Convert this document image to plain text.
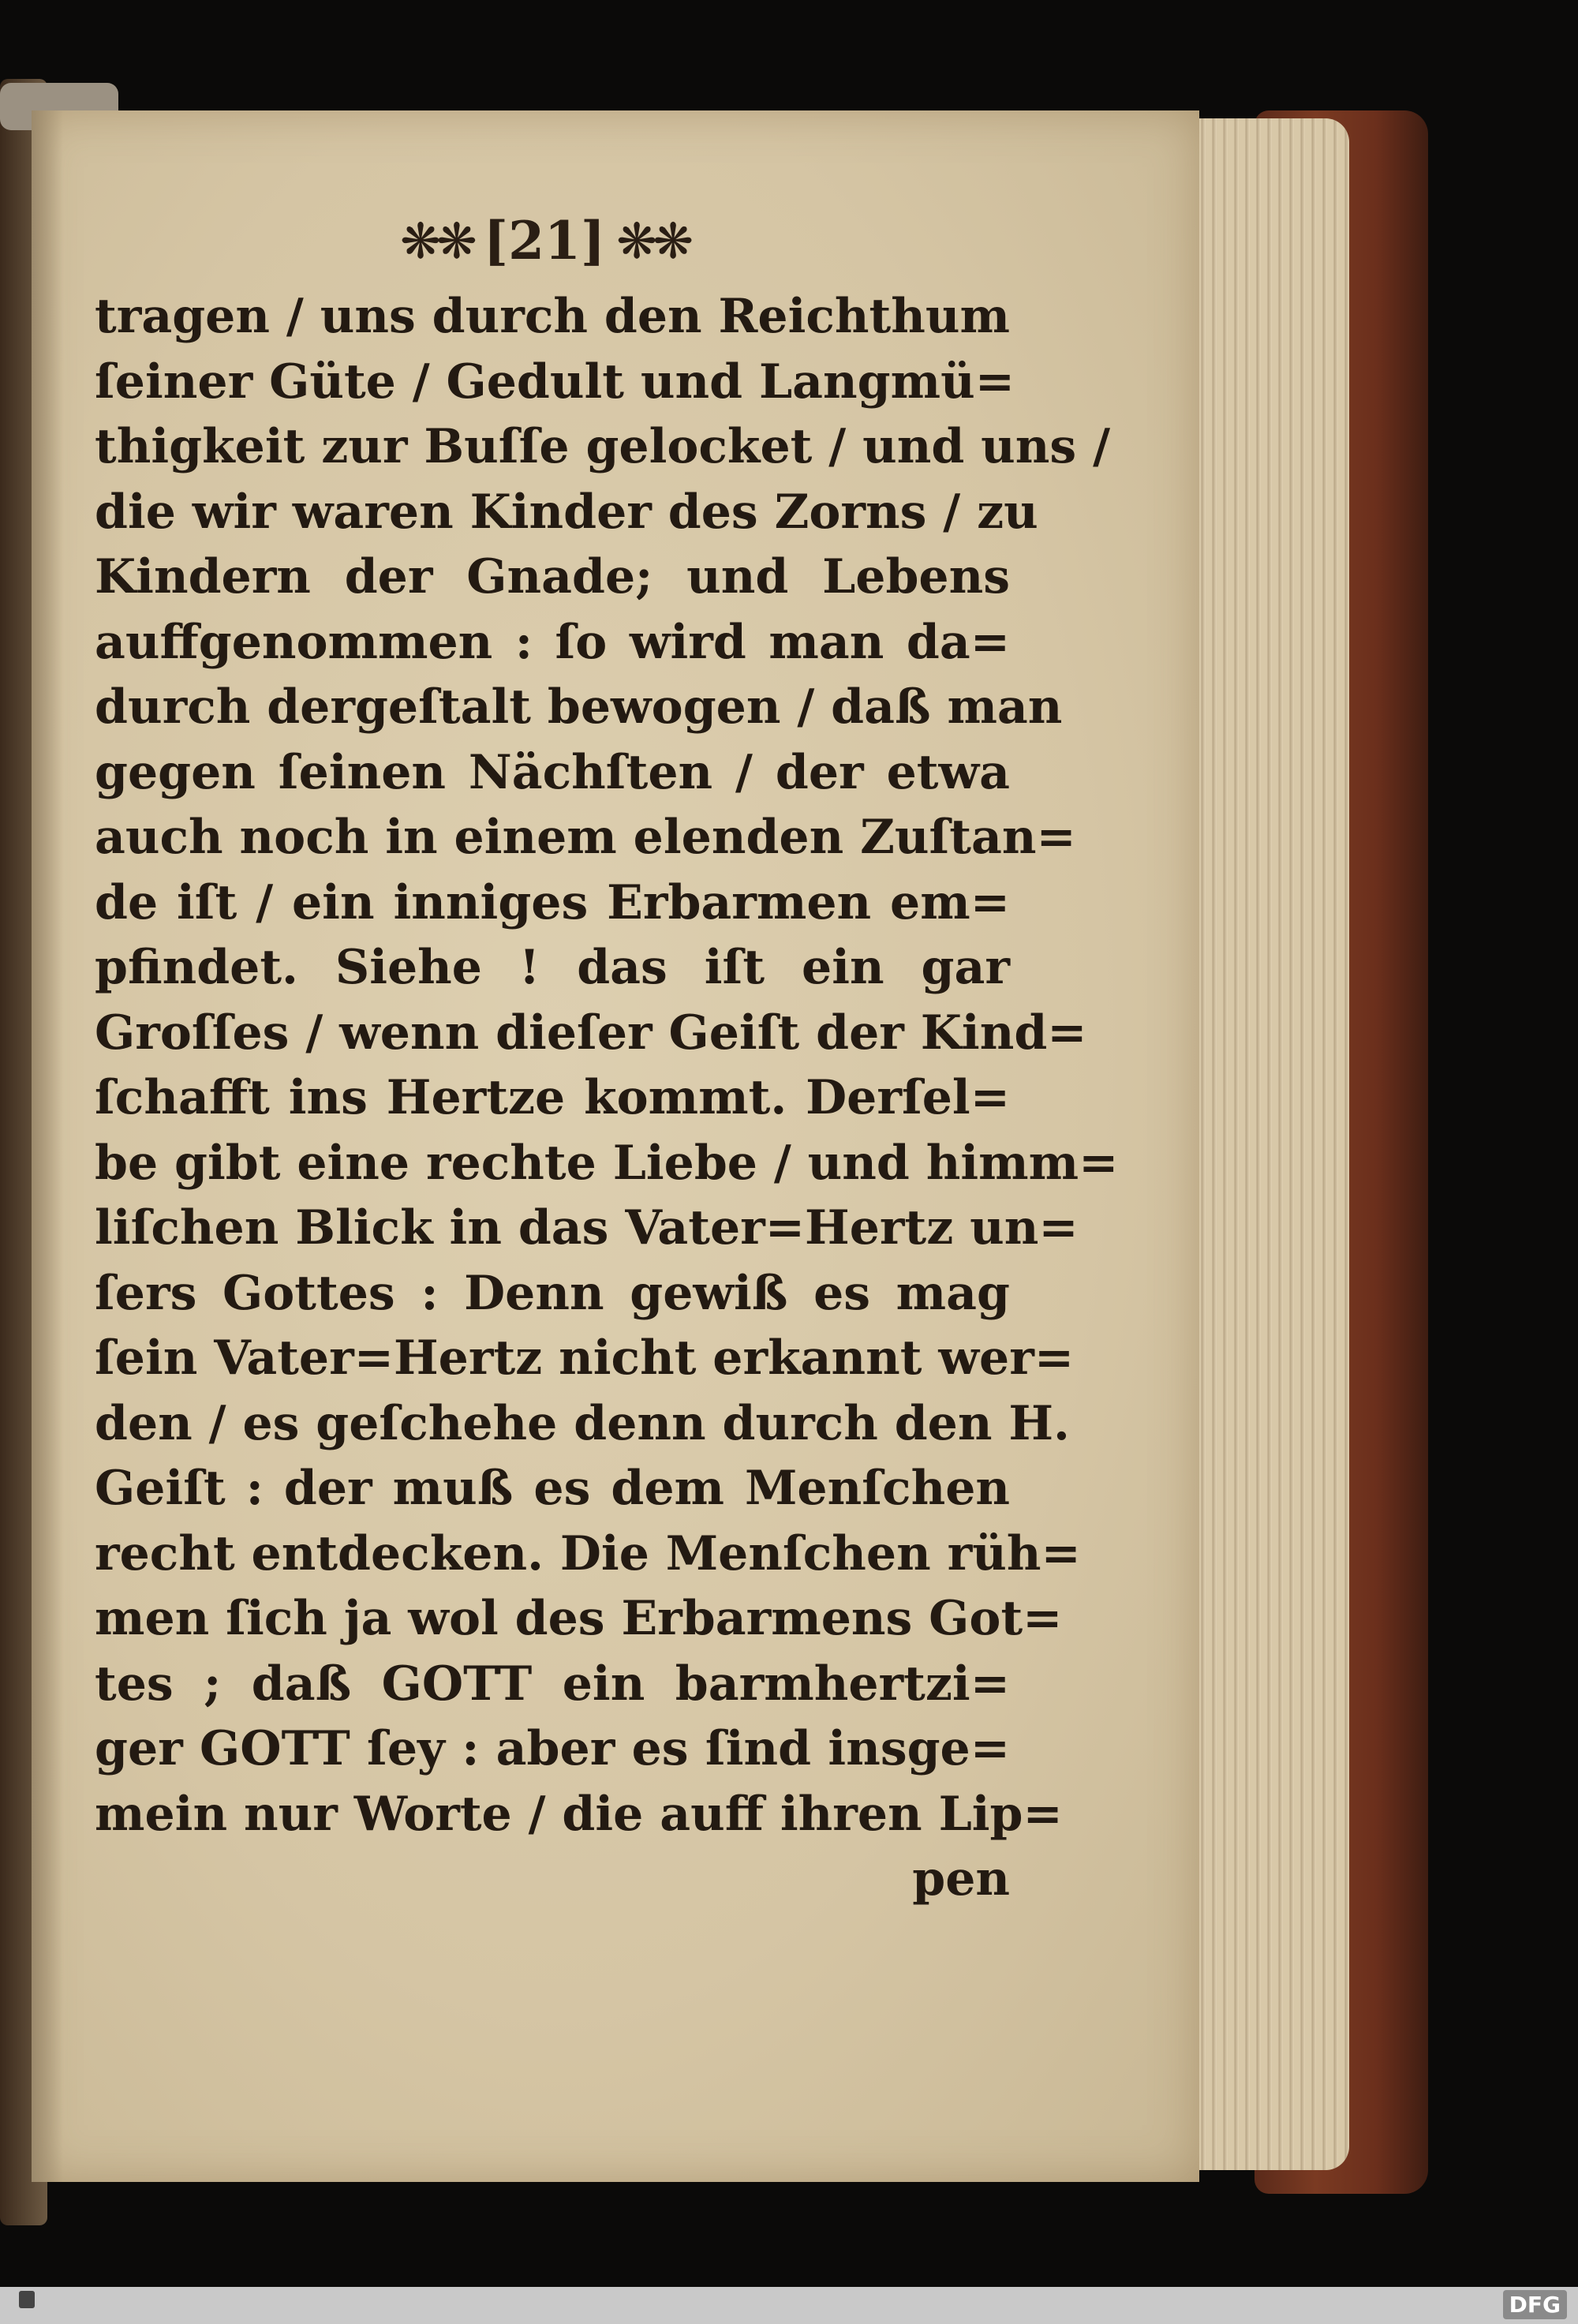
❋❋ [21] ❋❋
tragen / uns durch den Reichthum
ſeiner Güte / Gedult und Langmü=
thigkeit zur Buſſe gelocket / und uns /
die wir waren Kinder des Zorns / zu
Kindern der Gnade; und Lebens
auffgenommen : ſo wird man da=
durch dergeſtalt bewogen / daß man
gegen ſeinen Nächſten / der etwa
auch noch in einem elenden Zuſtan=
de iſt / ein inniges Erbarmen em=
pfindet. Siehe ! das iſt ein gar
Groſſes / wenn dieſer Geiſt der Kind=
ſchafft ins Hertze kommt. Derſel=
be gibt eine rechte Liebe / und himm=
liſchen Blick in das Vater=Hertz un=
ſers Gottes : Denn gewiß es mag
ſein Vater=Hertz nicht erkannt wer=
den / es geſchehe denn durch den H.
Geiſt : der muß es dem Menſchen
recht entdecken. Die Menſchen rüh=
men ſich ja wol des Erbarmens Got=
tes ; daß GOTT ein barmhertzi=
ger GOTT ſey : aber es ſind insge=
mein nur Worte / die auff ihren Lip=
pen
DFG
